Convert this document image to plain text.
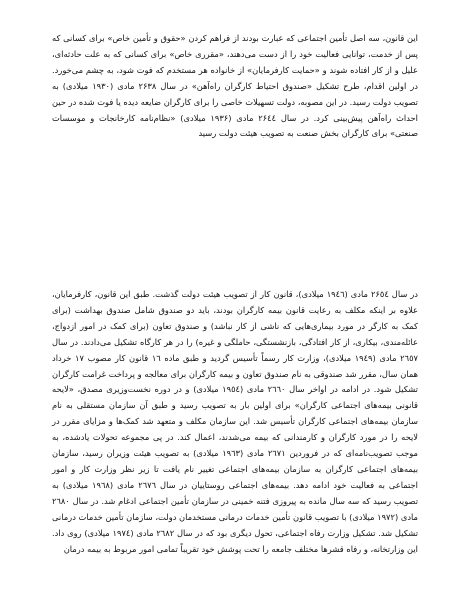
این قانون، سه اصل تأمین اجتماعی که عبارت بودند از فراهم کردن «حقوق و تأمین خاص» برای کسانی که پس از خدمت، توانایی فعالیت خود را از دست می‌دهند، «مقرری خاص» برای کسانی که به علت حادثه‌ای، علیل و از کار افتاده شوند و «حمایت کارفرمایان» از خانواده هر مستخدم که فوت شود، به چشم می‌خورد. در اولین اقدام، طرح تشکیل «صندوق احتیاط کارگران راه‌آهن» در سال ۲۶۳۸ مادی (۱۹۳۰ میلادی) به تصویب دولت رسید. در این مصوبه، دولت تسهیلات خاصی را برای کارگران ضایعه دیده یا فوت شده در حین احداث راه‌آهن پیش‌بینی کرد. در سال ۲۶٤٤ مادی (۱۹۳۶ میلادی) «نظام‌نامه کارخانجات و موسسات صنعتی» برای کارگران بخش صنعت به تصویب هیئت دولت رسید

در سال ۲۶٥٤ مادی (۱۹٤٦ میلادی)، قانون کار از تصویب هیئت دولت گذشت. طبق این قانون، کارفرمایان، علاوه بر اینکه مکلف به رعایت قانون بیمه کارگران بودند، باید دو صندوق شامل صندوق بهداشت (برای کمک به کارگر در مورد بیماری‌هایی که ناشی از کار نباشد) و صندوق تعاون (برای کمک در امور ازدواج، عائله‌مندی، بیکاری، از کار افتادگی، بازنشستگی، حاملگی و غیره) را در هر کارگاه تشکیل می‌دادند. در سال ۲٦٥۷ مادی (۱۹٤۹ میلادی)، وزارت کار رسماً تأسیس گردید و طبق ماده ۱٦ قانون کار مصوب ۱۷ خرداد همان سال، مقرر شد صندوقی به نام صندوق تعاون و بیمه کارگران برای معالجه و پرداخت غرامت کارگران تشکیل شود. در ادامه در اواخر سال ۲٦٦۰ مادی (۱۹٥٤ میلادی) و در دوره نخست‌وزیری مصدق، «لایحه قانونی بیمه‌های اجتماعی کارگران» برای اولین بار به تصویب رسید و طبق آن سازمان مستقلی به نام سازمان بیمه‌های اجتماعی کارگران تأسیس شد. این سازمان مکلف و متعهد شد کمک‌ها و مزایای مقرر در لایحه را در مورد کارگران و کارمندانی که بیمه می‌شدند، اعمال کند. در پی مجموعه تحولات یادشده، به موجب تصویب‌نامه‌ای که در فروردین ۲٦۷۱ مادی (۱۹٦۳ میلادی) به تصویب هیئت وزیران رسید، سازمان بیمه‌های اجتماعی کارگران به سازمان بیمه‌های اجتماعی تغییر نام یافت تا زیر نظر وزارت کار و امور اجتماعی به فعالیت خود ادامه دهد. بیمه‌های اجتماعی روستاییان در سال ۲٦۷٦ مادی (۱۹٦۸ میلادی) به تصویب رسید که سه سال مانده به پیروزی فتنه خمینی در سازمان تأمین اجتماعی ادغام شد. در سال ۲٦۸۰ مادی (۱۹۷۲ میلادی) با تصویب قانون تأمین خدمات درمانی مستخدمان دولت، سازمان تأمین خدمات درمانی تشکیل شد. تشکیل وزارت رفاه اجتماعی، تحول دیگری بود که در سال ۲٦۸۲ مادی (۱۹۷٤ میلادی) روی داد. این وزارتخانه، و رفاه قشرها مختلف جامعه را تحت پوشش خود تقریباً تمامی امور مربوط به بیمه درمان
